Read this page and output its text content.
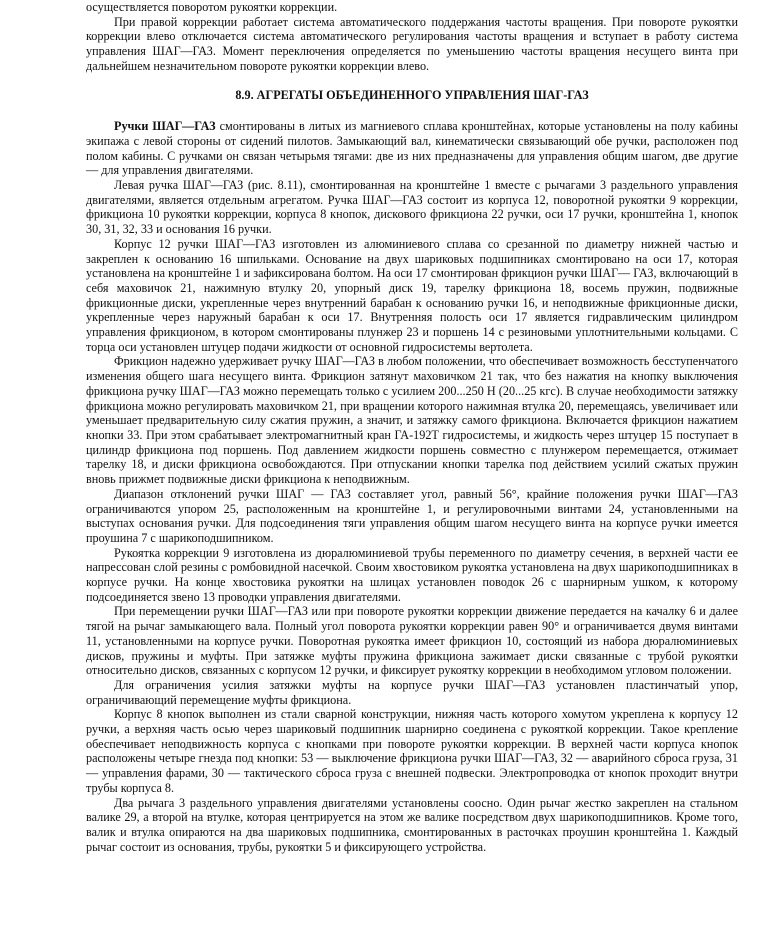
осуществляется поворотом рукоятки коррекции.

При правой коррекции работает система автоматического поддержания частоты вращения. При повороте рукоятки коррекции влево отключается система автоматического регулирования частоты вращения и вступает в работу система управления ШАГ—ГАЗ. Момент переключения определяется по уменьшению частоты вращения несущего винта при дальнейшем незначительном повороте рукоятки коррекции влево.

8.9. АГРЕГАТЫ ОБЪЕДИНЕННОГО УПРАВЛЕНИЯ ШАГ-ГАЗ

Ручки ШАГ—ГАЗ смонтированы в литых из магниевого сплава кронштейнах, которые установлены на полу кабины экипажа с левой стороны от сидений пилотов. Замыкающий вал, кинематически связывающий обе ручки, расположен под полом кабины. С ручками он связан четырьмя тягами: две из них предназначены для управления общим шагом, две другие — для управления двигателями.

Левая ручка ШАГ—ГАЗ (рис. 8.11), смонтированная на кронштейне 1 вместе с рычагами 3 раздельного управления двигателями, является отдельным агрегатом. Ручка ШАГ—ГАЗ состоит из корпуса 12, поворотной рукоятки 9 коррекции, фрикциона 10 рукоятки коррекции, корпуса 8 кнопок, дискового фрикциона 22 ручки, оси 17 ручки, кронштейна 1, кнопок 30, 31, 32, 33 и основания 16 ручки.

Корпус 12 ручки ШАГ—ГАЗ изготовлен из алюминиевого сплава со срезанной по диаметру нижней частью и закреплен к основанию 16 шпильками. Основание на двух шариковых подшипниках смонтировано на оси 17, которая установлена на кронштейне 1 и зафиксирована болтом. На оси 17 смонтирован фрикцион ручки ШАГ— ГАЗ, включающий в себя маховичок 21, нажимную втулку 20, упорный диск 19, тарелку фрикциона 18, восемь пружин, подвижные фрикционные диски, укрепленные через внутренний барабан к основанию ручки 16, и неподвижные фрикционные диски, укрепленные через наружный барабан к оси 17. Внутренняя полость оси 17 является гидравлическим цилиндром управления фрикционом, в котором смонтированы плунжер 23 и поршень 14 с резиновыми уплотнительными кольцами. С торца оси установлен штуцер подачи жидкости от основной гидросистемы вертолета.

Фрикцион надежно удерживает ручку ШАГ—ГАЗ в любом положении, что обеспечивает возможность бесступенчатого изменения общего шага несущего винта. Фрикцион затянут маховичком 21 так, что без нажатия на кнопку выключения фрикциона ручку ШАГ—ГАЗ можно перемещать только с усилием 200...250 Н (20...25 кгс). В случае необходимости затяжку фрикциона можно регулировать маховичком 21, при вращении которого нажимная втулка 20, перемещаясь, увеличивает или уменьшает предварительную силу сжатия пружин, а значит, и затяжку самого фрикциона. Включается фрикцион нажатием кнопки 33. При этом срабатывает электромагнитный кран ГА-192Т гидросистемы, и жидкость через штуцер 15 поступает в цилиндр фрикциона под поршень. Под давлением жидкости поршень совместно с плунжером перемещается, отжимает тарелку 18, и диски фрикциона освобождаются. При отпускании кнопки тарелка под действием усилий сжатых пружин вновь прижмет подвижные диски фрикциона к неподвижным.

Диапазон отклонений ручки ШАГ — ГАЗ составляет угол, равный 56°, крайние положения ручки ШАГ—ГАЗ ограничиваются упором 25, расположенным на кронштейне 1, и регулировочными винтами 24, установленными на выступах основания ручки. Для подсоединения тяги управления общим шагом несущего винта на корпусе ручки имеется проушина 7 с шарикоподшипником.

Рукоятка коррекции 9 изготовлена из дюралюминиевой трубы переменного по диаметру сечения, в верхней части ее напрессован слой резины с ромбовидной насечкой. Своим хвостовиком рукоятка установлена на двух шарикоподшипниках в корпусе ручки. На конце хвостовика рукоятки на шлицах установлен поводок 26 с шарнирным ушком, к которому подсоединяется звено 13 проводки управления двигателями.

При перемещении ручки ШАГ—ГАЗ или при повороте рукоятки коррекции движение передается на качалку 6 и далее тягой на рычаг замыкающего вала. Полный угол поворота рукоятки коррекции равен 90° и ограничивается двумя винтами 11, установленными на корпусе ручки. Поворотная рукоятка имеет фрикцион 10, состоящий из набора дюралюминиевых дисков, пружины и муфты. При затяжке муфты пружина фрикциона зажимает диски связанные с трубой рукоятки относительно дисков, связанных с корпусом 12 ручки, и фиксирует рукоятку коррекции в необходимом угловом положении.

Для ограничения усилия затяжки муфты на корпусе ручки ШАГ—ГАЗ установлен пластинчатый упор, ограничивающий перемещение муфты фрикциона.

Корпус 8 кнопок выполнен из стали сварной конструкции, нижняя часть которого хомутом укреплена к корпусу 12 ручки, а верхняя часть осью через шариковый подшипник шарнирно соединена с рукояткой коррекции. Такое крепление обеспечивает неподвижность корпуса с кнопками при повороте рукоятки коррекции. В верхней части корпуса кнопок расположены четыре гнезда под кнопки: 53 — выключение фрикциона ручки ШАГ—ГАЗ, 32 — аварийного сброса груза, 31 — управления фарами, 30 — тактического сброса груза с внешней подвески. Электропроводка от кнопок проходит внутри трубы корпуса 8.

Два рычага 3 раздельного управления двигателями установлены соосно. Один рычаг жестко закреплен на стальном валике 29, а второй на втулке, которая центрируется на этом же валике посредством двух шарикоподшипников. Кроме того, валик и втулка опираются на два шариковых подшипника, смонтированных в расточках проушин кронштейна 1. Каждый рычаг состоит из основания, трубы, рукоятки 5 и фиксирующего устройства.
